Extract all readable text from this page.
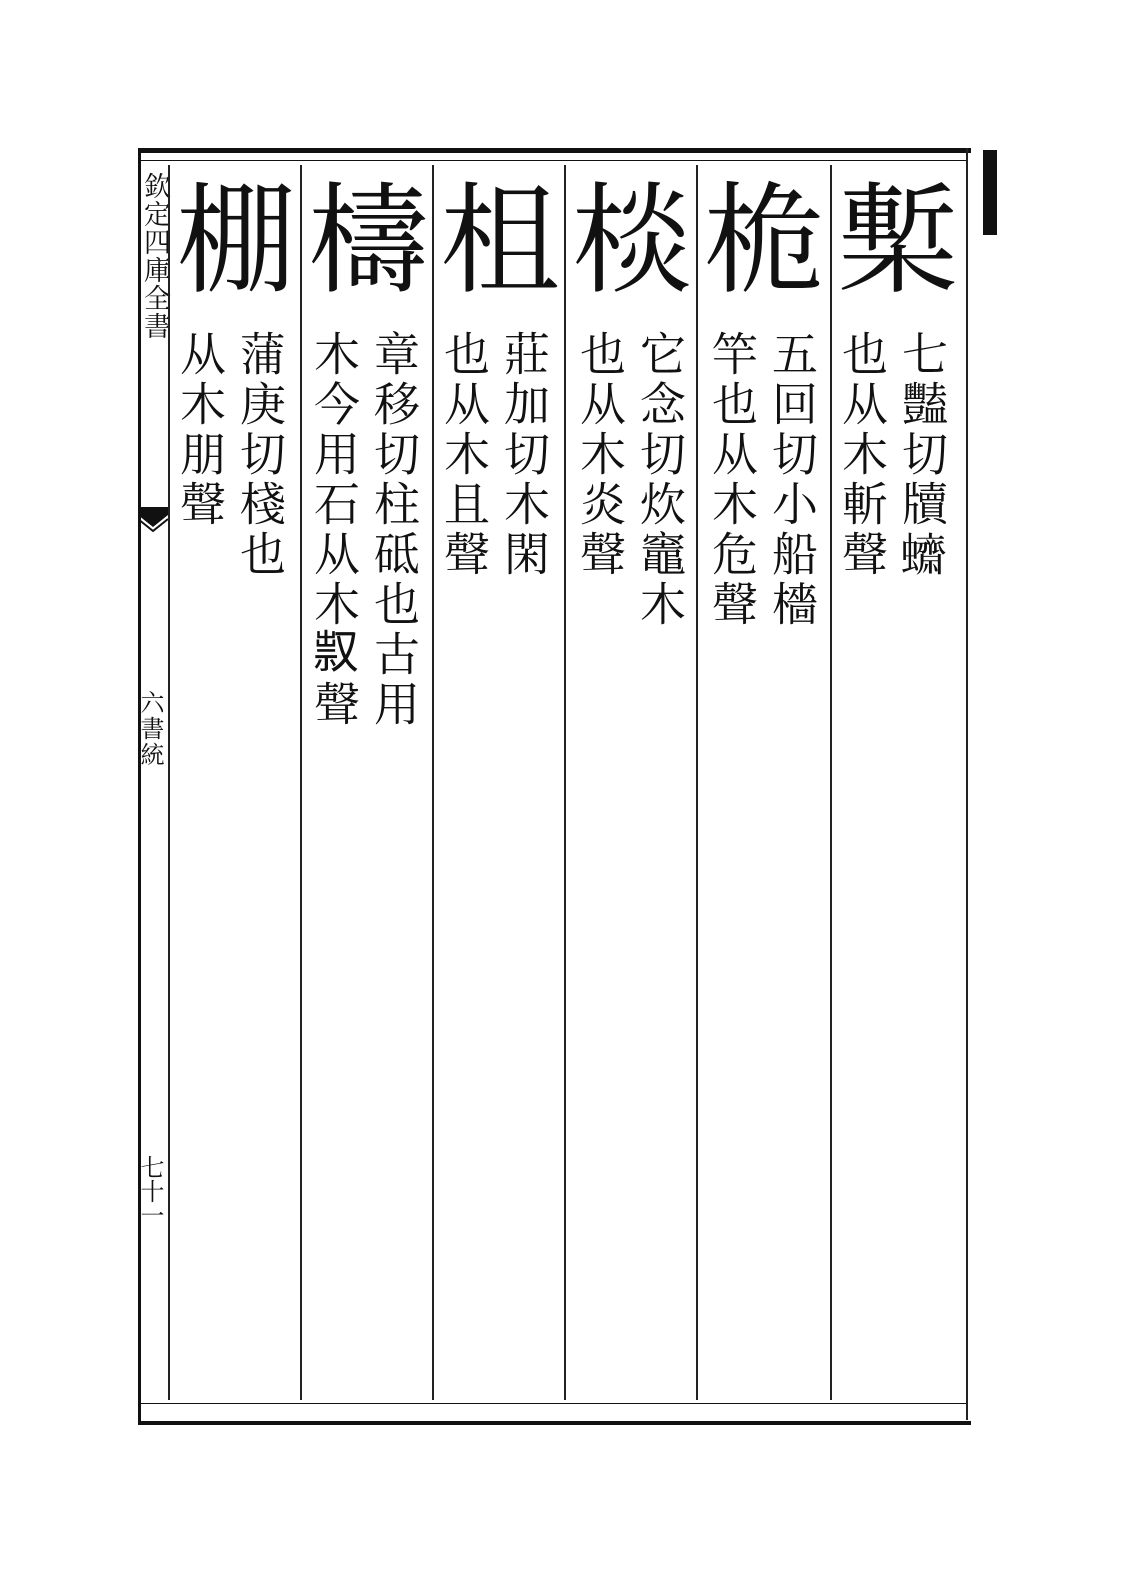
欽定四庫全書
六書統
七十一
槧
七豔切牘𧕚
也从木斬聲
桅
五回切小船檣
竿也从木危聲
棪
它念切炊竈木
也从木炎聲
柤
莊加切木閑
也从木且聲
檮
章移切柱砥也古用
木今用石从木𠭥聲
棚
蒲庚切棧也
从木朋聲
